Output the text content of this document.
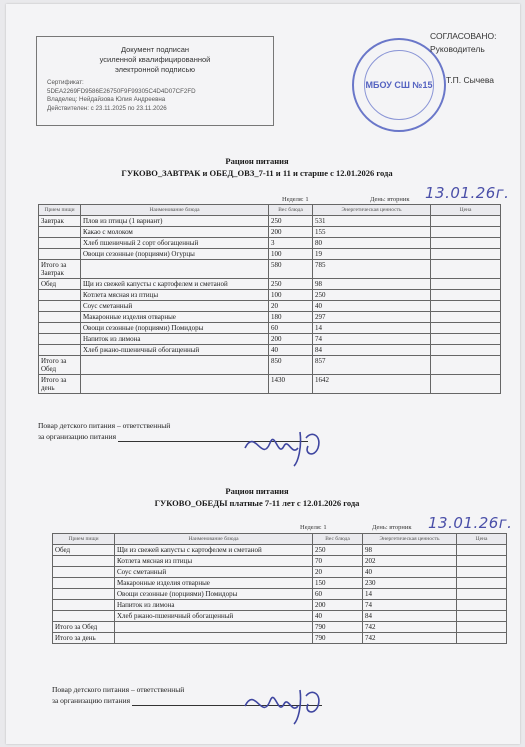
Документ подписан
усиленной квалифицированной
электронной подписью
Сертификат:
5DEA2269FD9586E26750F9F99305C4D4D07CF2FD
Владелец: Нейдайзова Юлия Андреевна
Действителен: с 23.11.2025 по 23.11.2026
МБОУ СШ №15
СОГЛАСОВАНО:
Руководитель
Т.П. Сычева
Рацион питания
ГУКОВО_ЗАВТРАК и ОБЕД_ОВЗ_7-11 и 11 и старше с 12.01.2026 года
Неделя: 1	День: вторник 13.01.26г.
Прием пищи	Наименование блюда	Вес блюда	Энергетическая ценность	Цена
Завтрак	Плов из птицы (1 вариант)	250	531	
	Какао с молоком	200	155	
	Хлеб пшеничный 2 сорт обогащенный	3	80	
	Овощи сезонные (порциями) Огурцы	100	19	
Итого за Завтрак		580	785	
Обед	Щи из свежей капусты с картофелем и сметаной	250	98	
	Котлета мясная из птицы	100	250	
	Соус сметанный	20	40	
	Макаронные изделия отварные	180	297	
	Овощи сезонные (порциями) Помидоры	60	14	
	Напиток из лимона	200	74	
	Хлеб ржано-пшеничный обогащенный	40	84	
Итого за Обед		850	857	
Итого за день		1430	1642	
Повар детского питания – ответственный
за организацию питания
Рацион питания
ГУКОВО_ОБЕДЫ платные 7-11 лет с 12.01.2026 года
Неделя: 1	День: вторник 13.01.26г.
Прием пищи	Наименование блюда	Вес блюда	Энергетическая ценность	Цена
Обед	Щи из свежей капусты с картофелем и сметаной	250	98	
	Котлета мясная из птицы	70	202	
	Соус сметанный	20	40	
	Макаронные изделия отварные	150	230	
	Овощи сезонные (порциями) Помидоры	60	14	
	Напиток из лимона	200	74	
	Хлеб ржано-пшеничный обогащенный	40	84	
Итого за Обед		790	742	
Итого за день		790	742	
Повар детского питания – ответственный
за организацию питания
